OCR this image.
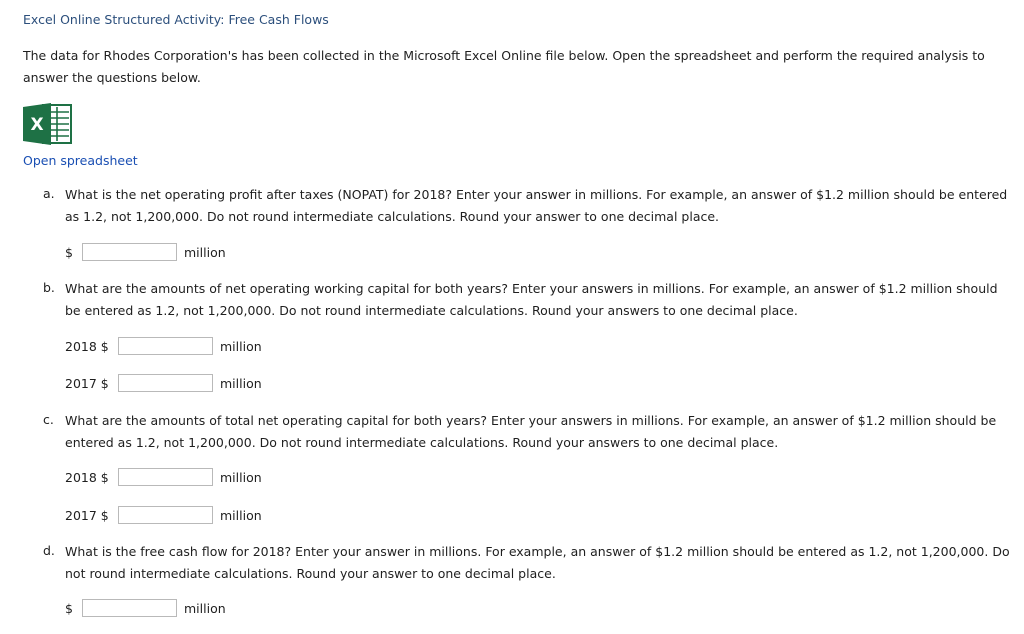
Excel Online Structured Activity: Free Cash Flows
The data for Rhodes Corporation's has been collected in the Microsoft Excel Online file below. Open the spreadsheet and perform the required analysis to answer the questions below.
X
Open spreadsheet
a. What is the net operating profit after taxes (NOPAT) for 2018? Enter your answer in millions. For example, an answer of $1.2 million should be entered as 1.2, not 1,200,000. Do not round intermediate calculations. Round your answer to one decimal place.
$	million
b. What are the amounts of net operating working capital for both years? Enter your answers in millions. For example, an answer of $1.2 million should be entered as 1.2, not 1,200,000. Do not round intermediate calculations. Round your answers to one decimal place.
2018 $	million
2017 $	million
c. What are the amounts of total net operating capital for both years? Enter your answers in millions. For example, an answer of $1.2 million should be entered as 1.2, not 1,200,000. Do not round intermediate calculations. Round your answers to one decimal place.
2018 $	million
2017 $	million
d. What is the free cash flow for 2018? Enter your answer in millions. For example, an answer of $1.2 million should be entered as 1.2, not 1,200,000. Do not round intermediate calculations. Round your answer to one decimal place.
$	million
